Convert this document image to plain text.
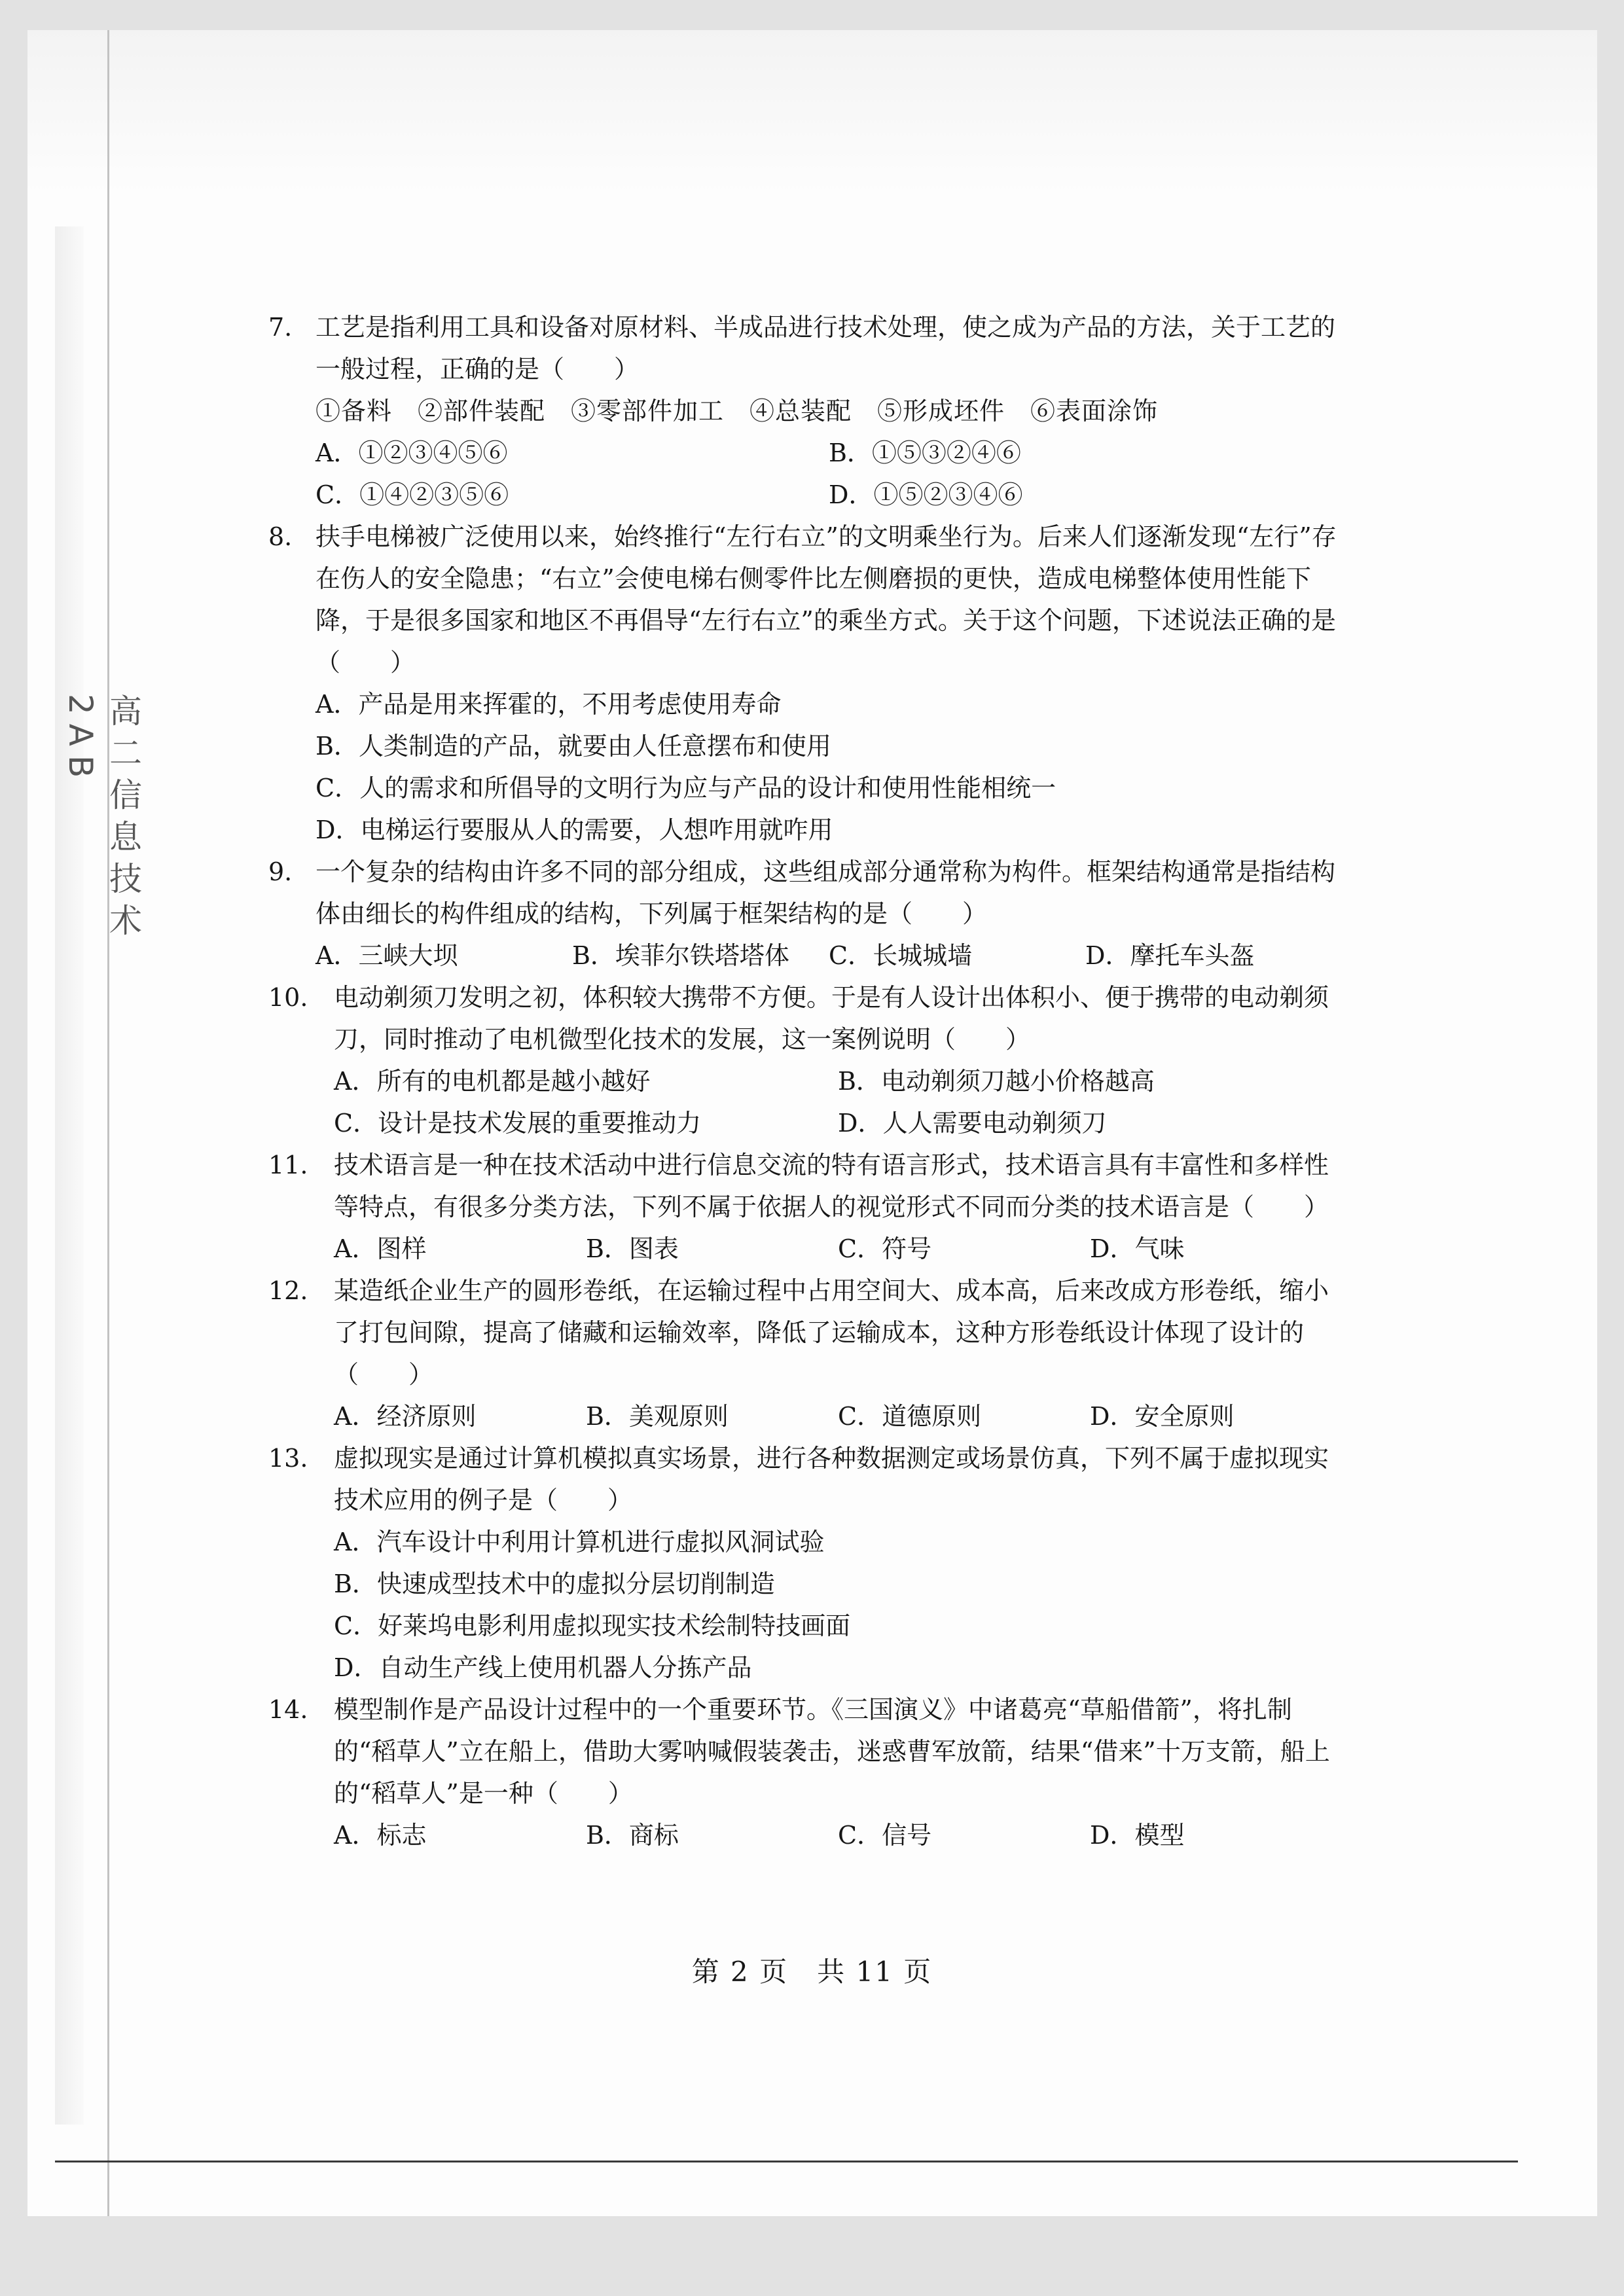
高二信息技术 2AB
7. 工艺是指利用工具和设备对原材料、半成品进行技术处理，使之成为产品的方法，关于工艺的一般过程，正确的是（　　）
①备料　②部件装配　③零部件加工　④总装配　⑤形成坯件　⑥表面涂饰
A．①②③④⑤⑥	B．①⑤③②④⑥
C．①④②③⑤⑥	D．①⑤②③④⑥
8. 扶手电梯被广泛使用以来，始终推行“左行右立”的文明乘坐行为。后来人们逐渐发现“左行”存在伤人的安全隐患；“右立”会使电梯右侧零件比左侧磨损的更快，造成电梯整体使用性能下降，于是很多国家和地区不再倡导“左行右立”的乘坐方式。关于这个问题，下述说法正确的是（　　）
A．产品是用来挥霍的，不用考虑使用寿命
B．人类制造的产品，就要由人任意摆布和使用
C．人的需求和所倡导的文明行为应与产品的设计和使用性能相统一
D．电梯运行要服从人的需要，人想咋用就咋用
9. 一个复杂的结构由许多不同的部分组成，这些组成部分通常称为构件。框架结构通常是指结构体由细长的构件组成的结构，下列属于框架结构的是（　　）
A．三峡大坝	B．埃菲尔铁塔塔体	C．长城城墙	D．摩托车头盔
10.	电动剃须刀发明之初，体积较大携带不方便。于是有人设计出体积小、便于携带的电动剃须刀，同时推动了电机微型化技术的发展，这一案例说明（　　）
A．所有的电机都是越小越好	B．电动剃须刀越小价格越高
C．设计是技术发展的重要推动力	D．人人需要电动剃须刀
11.	技术语言是一种在技术活动中进行信息交流的特有语言形式，技术语言具有丰富性和多样性等特点，有很多分类方法，下列不属于依据人的视觉形式不同而分类的技术语言是（　　）
A．图样	B．图表	C．符号	D．气味
12.	某造纸企业生产的圆形卷纸，在运输过程中占用空间大、成本高，后来改成方形卷纸，缩小了打包间隙，提高了储藏和运输效率，降低了运输成本，这种方形卷纸设计体现了设计的（　　）
A．经济原则	B．美观原则	C．道德原则	D．安全原则
13.	虚拟现实是通过计算机模拟真实场景，进行各种数据测定或场景仿真，下列不属于虚拟现实技术应用的例子是（　　）
A．汽车设计中利用计算机进行虚拟风洞试验
B．快速成型技术中的虚拟分层切削制造
C．好莱坞电影利用虚拟现实技术绘制特技画面
D．自动生产线上使用机器人分拣产品
14.	模型制作是产品设计过程中的一个重要环节。《三国演义》中诸葛亮“草船借箭”，将扎制的“稻草人”立在船上，借助大雾呐喊假装袭击，迷惑曹军放箭，结果“借来”十万支箭，船上的“稻草人”是一种（　　）
A．标志	B．商标	C．信号	D．模型
第 2 页　共 11 页
